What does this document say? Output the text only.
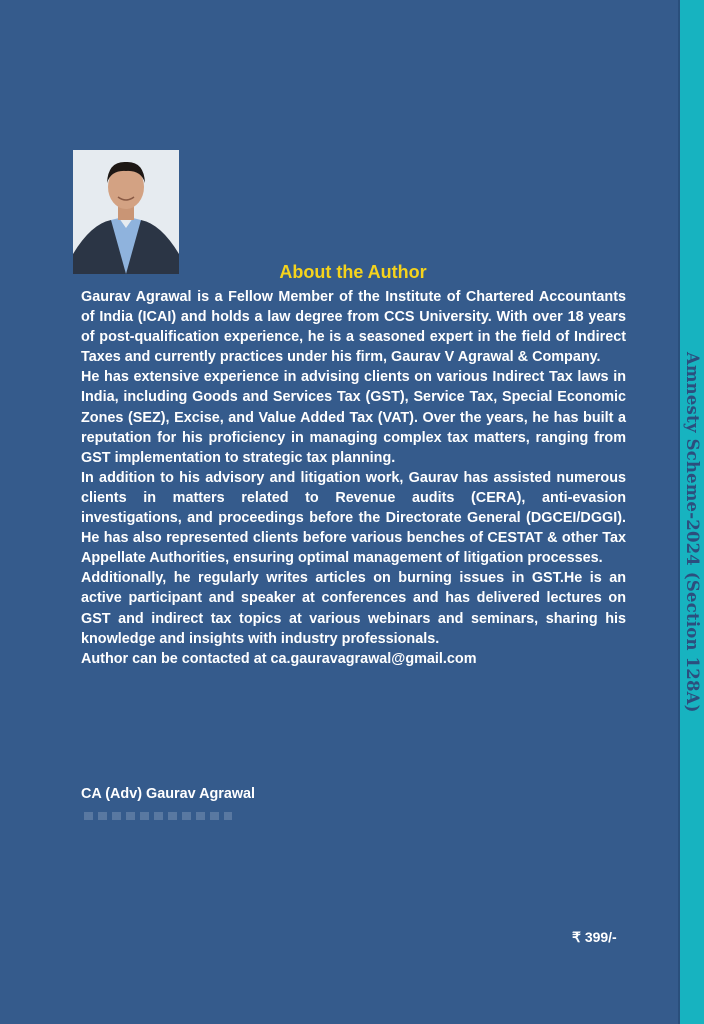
Amnesty Scheme-2024 (Section 128A)
About the Author

Gaurav Agrawal is a Fellow Member of the Institute of Chartered Accountants of India (ICAI) and holds a law degree from CCS University. With over 18 years of post-qualification experience, he is a seasoned expert in the field of Indirect Taxes and currently practices under his firm, Gaurav V Agrawal & Company.

He has extensive experience in advising clients on various Indirect Tax laws in India, including Goods and Services Tax (GST), Service Tax, Special Economic Zones (SEZ), Excise, and Value Added Tax (VAT). Over the years, he has built a reputation for his proficiency in managing complex tax matters, ranging from GST implementation to strategic tax planning.

In addition to his advisory and litigation work, Gaurav has assisted numerous clients in matters related to Revenue audits (CERA), anti-evasion investigations, and proceedings before the Directorate General (DGCEI/DGGI). He has also represented clients before various benches of CESTAT & other Tax Appellate Authorities, ensuring optimal management of litigation processes.

Additionally, he regularly writes articles on burning issues in GST.He is an active participant and speaker at conferences and has delivered lectures on GST and indirect tax topics at various webinars and seminars, sharing his knowledge and insights with industry professionals.

Author can be contacted at ca.gauravagrawal@gmail.com

CA (Adv) Gaurav Agrawal
₹ 399/-
